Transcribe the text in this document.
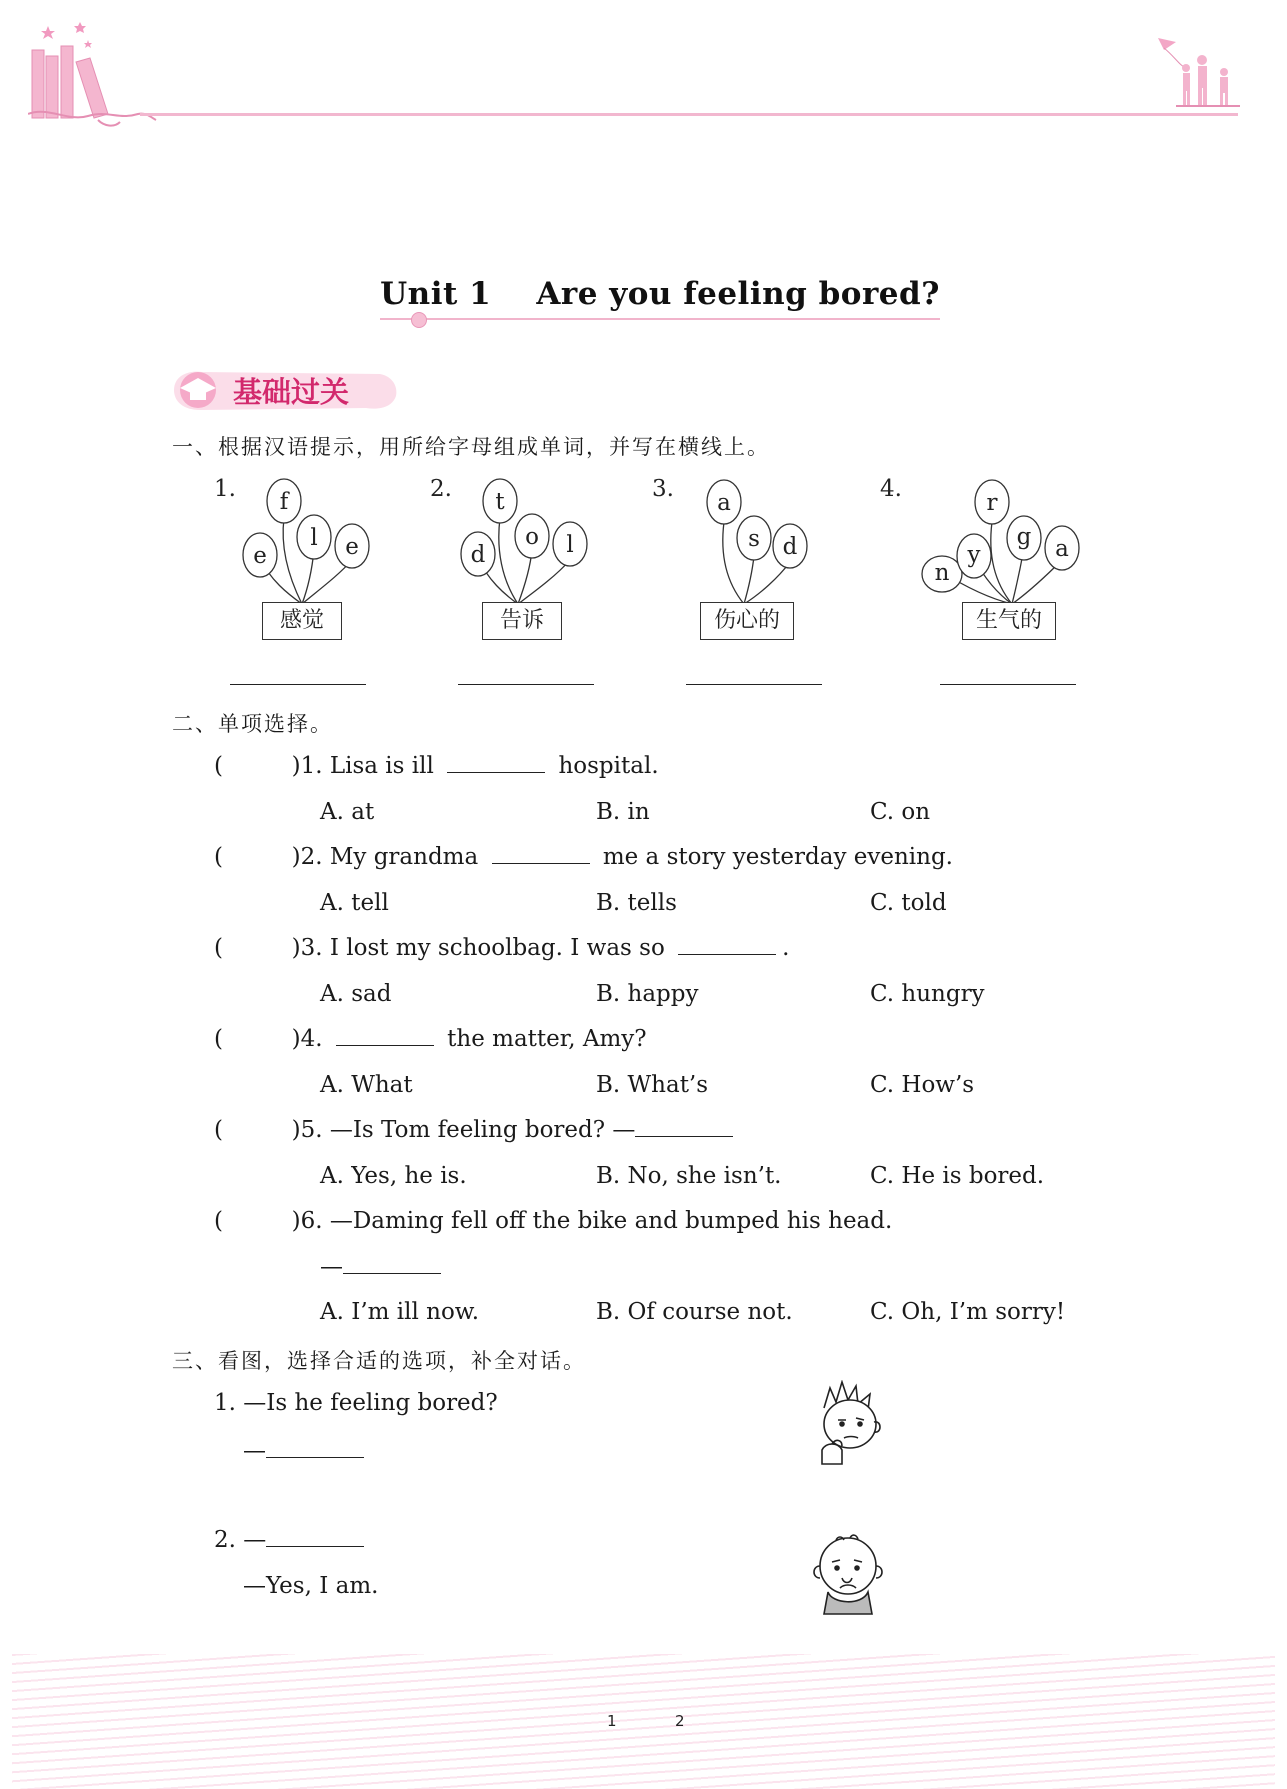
Unit 1    Are you feeling bored?
基础过关
一、根据汉语提示，用所给字母组成单词，并写在横线上。
1. f
e
l e
感觉
2. t
d
o l
告诉
3.
a
s d
伤心的
4.
r
n
y
g a
生气的
二、单项选择。
(	)1. Lisa is ill	hospital.
A. at	B. in	C. on
(	)2. My grandma	me a story yesterday evening.
A. tell	B. tells	C. told
(	)3. I lost my schoolbag. I was so	.
A. sad	B. happy	C. hungry
(	)4.	the matter, Amy?
A. What	B. What’s	C. How’s
(	)5. —Is Tom feeling bored? —
A. Yes, he is.	B. No, she isn’t.	C. He is bored.
(	)6. —Daming fell off the bike and bumped his head.
—
A. I’m ill now.	B. Of course not.	C. Oh, I’m sorry!
三、看图，选择合适的选项，补全对话。
1. —Is he feeling bored?
—
2. —
—Yes, I am.
1	2
